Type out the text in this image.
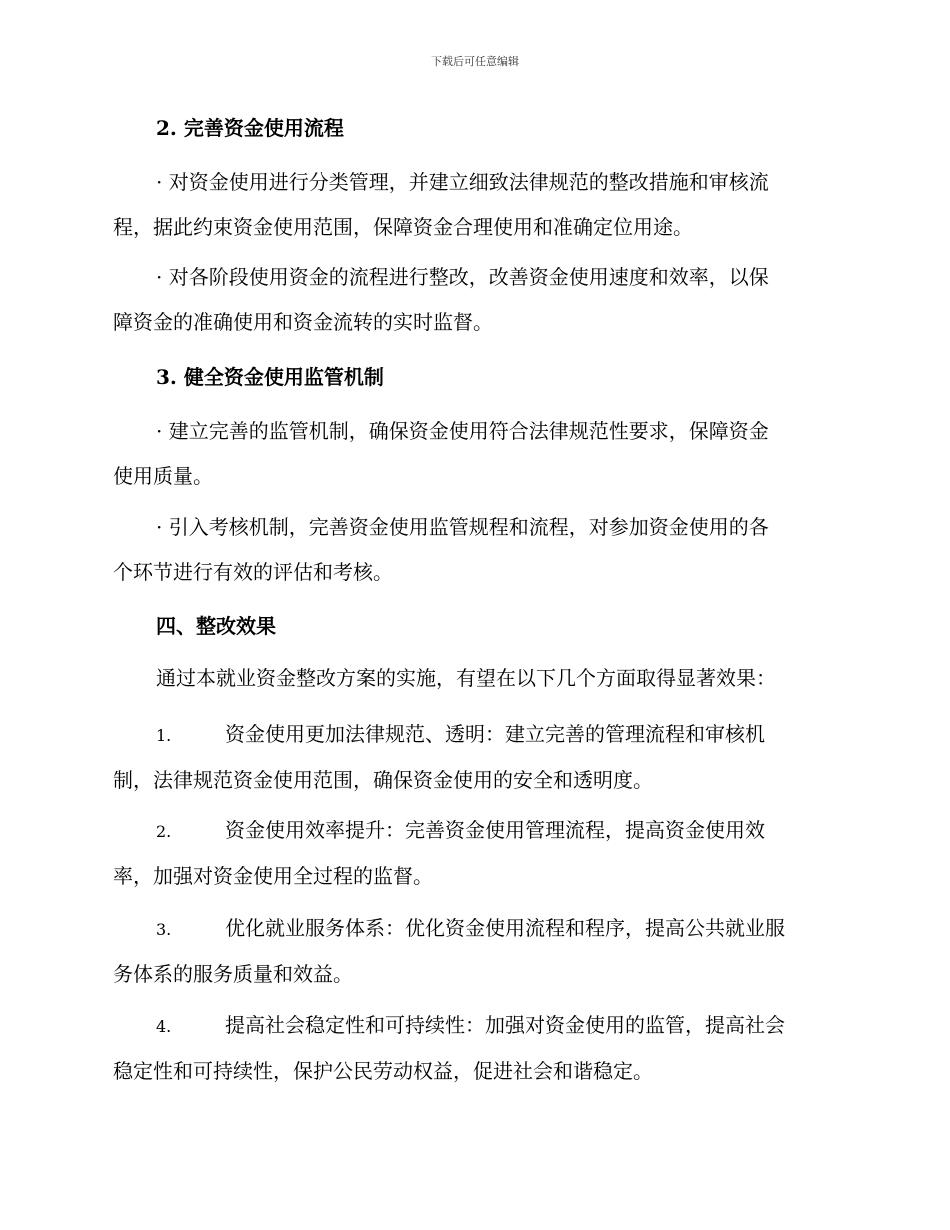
下载后可任意编辑
2. 完善资金使用流程
· 对资金使用进行分类管理，并建立细致法律规范的整改措施和审核流
程，据此约束资金使用范围，保障资金合理使用和准确定位用途。
· 对各阶段使用资金的流程进行整改，改善资金使用速度和效率，以保
障资金的准确使用和资金流转的实时监督。
3. 健全资金使用监管机制
· 建立完善的监管机制，确保资金使用符合法律规范性要求，保障资金
使用质量。
· 引入考核机制，完善资金使用监管规程和流程，对参加资金使用的各
个环节进行有效的评估和考核。
四、整改效果
通过本就业资金整改方案的实施，有望在以下几个方面取得显著效果：
1.	资金使用更加法律规范、透明：建立完善的管理流程和审核机
制，法律规范资金使用范围，确保资金使用的安全和透明度。
2.	资金使用效率提升：完善资金使用管理流程，提高资金使用效
率，加强对资金使用全过程的监督。
3.	优化就业服务体系：优化资金使用流程和程序，提高公共就业服
务体系的服务质量和效益。
4.	提高社会稳定性和可持续性：加强对资金使用的监管，提高社会
稳定性和可持续性，保护公民劳动权益，促进社会和谐稳定。
